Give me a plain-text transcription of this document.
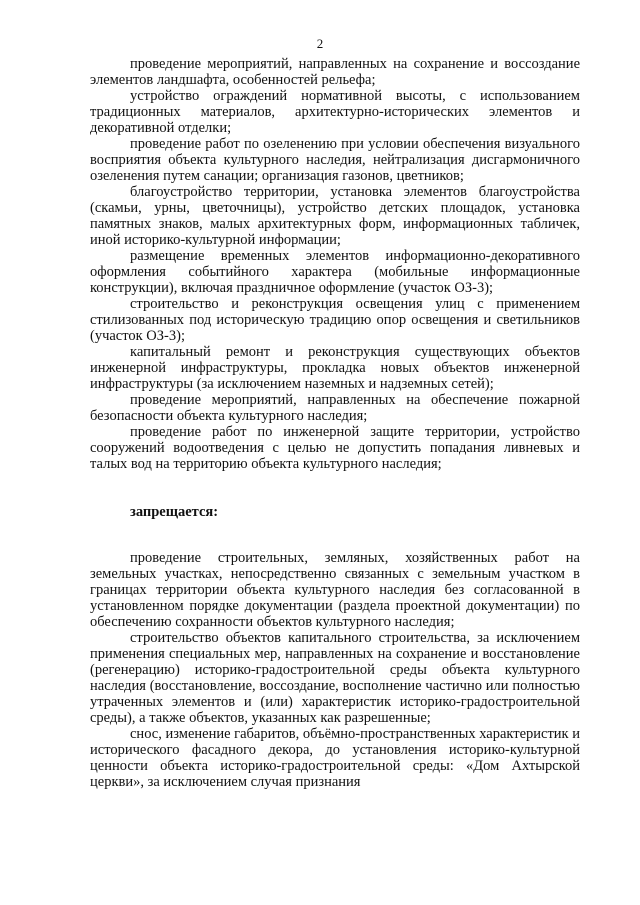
2

проведение мероприятий, направленных на сохранение и воссоздание элементов ландшафта, особенностей рельефа;

устройство ограждений нормативной высоты, с использованием традиционных материалов, архитектурно-исторических элементов и декоративной отделки;

проведение работ по озеленению при условии обеспечения визуального восприятия объекта культурного наследия, нейтрализация дисгармоничного озеленения путем санации; организация газонов, цветников;

благоустройство территории, установка элементов благоустройства (скамьи, урны, цветочницы), устройство детских площадок, установка памятных знаков, малых архитектурных форм, информационных табличек, иной историко-культурной информации;

размещение временных элементов информационно-декоративного оформления событийного характера (мобильные информационные конструкции), включая праздничное оформление (участок ОЗ-3);

строительство и реконструкция освещения улиц с применением стилизованных под историческую традицию опор освещения и светильников (участок ОЗ-3);

капитальный ремонт и реконструкция существующих объектов инженерной инфраструктуры, прокладка новых объектов инженерной инфраструктуры (за исключением наземных и надземных сетей);

проведение мероприятий, направленных на обеспечение пожарной безопасности объекта культурного наследия;

проведение работ по инженерной защите территории, устройство сооружений водоотведения с целью не допустить попадания ливневых и талых вод на территорию объекта культурного наследия;

запрещается:

проведение строительных, земляных, хозяйственных работ на земельных участках, непосредственно связанных с земельным участком в границах территории объекта культурного наследия без согласованной в установленном порядке документации (раздела проектной документации) по обеспечению сохранности объектов культурного наследия;

строительство объектов капитального строительства, за исключением применения специальных мер, направленных на сохранение и восстановление (регенерацию) историко-градостроительной среды объекта культурного наследия (восстановление, воссоздание, восполнение частично или полностью утраченных элементов и (или) характеристик историко-градостроительной среды), а также объектов, указанных как разрешенные;

снос, изменение габаритов, объёмно-пространственных характеристик и исторического фасадного декора, до установления историко-культурной ценности объекта историко-градостроительной среды: «Дом Ахтырской церкви», за исключением случая признания
